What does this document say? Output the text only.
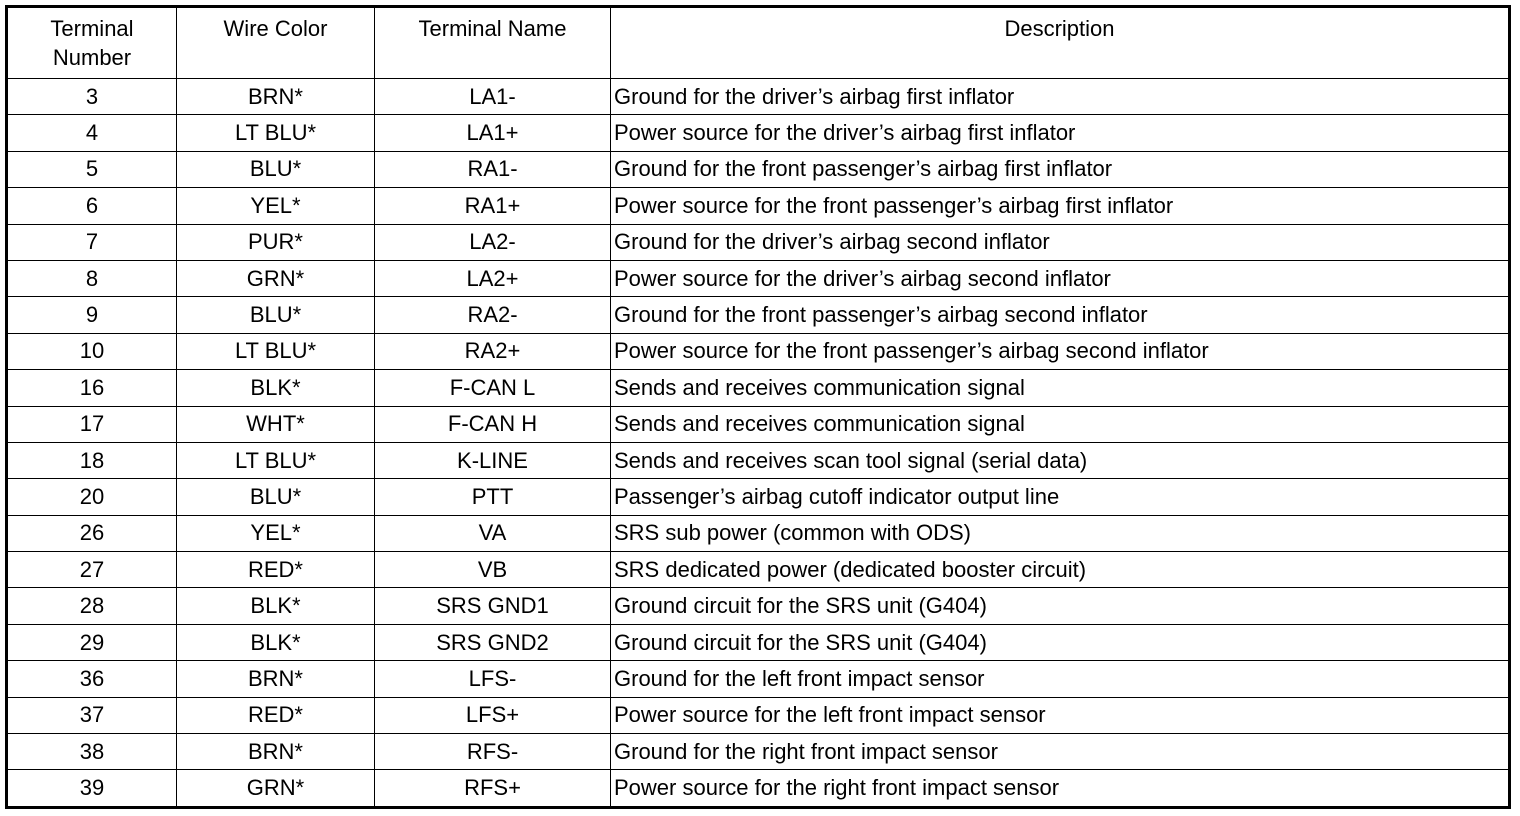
Terminal
Number	Wire Color	Terminal Name	Description
3	BRN*	LA1-	Ground for the driver’s airbag first inflator
4	LT BLU*	LA1+	Power source for the driver’s airbag first inflator
5	BLU*	RA1-	Ground for the front passenger’s airbag first inflator
6	YEL*	RA1+	Power source for the front passenger’s airbag first inflator
7	PUR*	LA2-	Ground for the driver’s airbag second inflator
8	GRN*	LA2+	Power source for the driver’s airbag second inflator
9	BLU*	RA2-	Ground for the front passenger’s airbag second inflator
10	LT BLU*	RA2+	Power source for the front passenger’s airbag second inflator
16	BLK*	F-CAN L	Sends and receives communication signal
17	WHT*	F-CAN H	Sends and receives communication signal
18	LT BLU*	K-LINE	Sends and receives scan tool signal (serial data)
20	BLU*	PTT	Passenger’s airbag cutoff indicator output line
26	YEL*	VA	SRS sub power (common with ODS)
27	RED*	VB	SRS dedicated power (dedicated booster circuit)
28	BLK*	SRS GND1	Ground circuit for the SRS unit (G404)
29	BLK*	SRS GND2	Ground circuit for the SRS unit (G404)
36	BRN*	LFS-	Ground for the left front impact sensor
37	RED*	LFS+	Power source for the left front impact sensor
38	BRN*	RFS-	Ground for the right front impact sensor
39	GRN*	RFS+	Power source for the right front impact sensor
